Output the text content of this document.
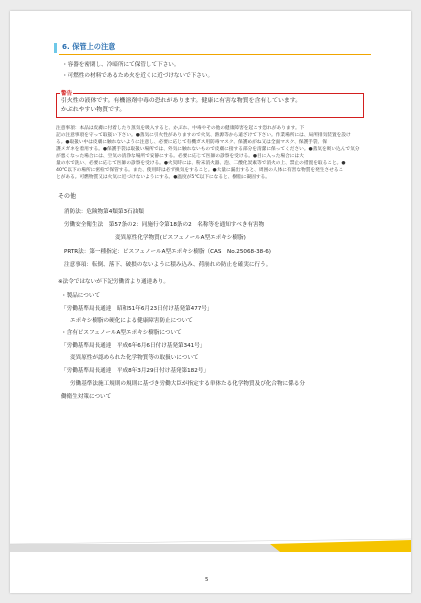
6. 保管上の注意
・容器を密閉し、冷暗所にて保管して下さい。
・可燃性の材料であるため火を近くに近づけないで下さい。
引火性の液体です。有機溶剤中毒の恐れがあります。健康に有害な物質を含有しています。
かぶれやすい物質です。
警告
注意事項：本品は皮膚に付着したり蒸気を吸入すると、かぶれ、中毒やその他の健康障害を起こす恐れがあります。下
記の注意事項を守って取扱い下さい。●蒸気に引火性がありますので火気、熱源等から遠ざけて下さい。作業場所には、局所排気装置を設け
る。●取扱い中は皮膚に触れないように注意し、必要に応じて有機ガス用防毒マスク、保護めがね又は全面マスク、保護手袋、保
護メガネを着用する。●保護手袋は取扱い場所では、外気に触れないもので皮膚に接する部分を清潔に保ってください。●蒸気を吸い込んで気分
が悪くなった場合には、空気の清浄な場所で安静にする。必要に応じて医師の診察を受ける。●目に入った場合には大
量の水で洗い、必要に応じて医師の診察を受ける。●火災時には、粉末消火器、泡、二酸化炭素等で消火の上、禁止の措置を取ること。●
40℃以下の場所に密栓で保管する。また、使用時は必ず換気をすること。●大量に漏出すると、周囲の人体に有害な物質を発生させるこ
とがある。可燃物質又は火気に近づけないようにする。●温度が5℃以下になると、樹脂に凝固する。
その他
消防法：危険物第4類第3石油類
労働安全衛生法　第57条の2：同施行令第18条の2　名称等を通知すべき有害物
変異原性化学物質(ビスフェノールA型エポキシ樹脂)
PRTR法：第一種指定：ビスフェノールA型エポキシ樹脂（CAS　No.25068-38-6)
注意事項：転倒、落下、破損のないように積み込み、荷崩れの防止を確実に行う。
※法令ではないが下記労働省より通達あり。
・製品について
「労働基準局長通達　昭和51年6月23日付け基発第477号」
エポキシ樹脂の硬化による健康障害防止について
・含有ビスフェノールA型エポキシ樹脂について
「労働基準局長通達　平成6年6月6日付け基発第341号」
変異原性が認められた化学物質等の取扱いについて
「労働基準局長通達　平成8年3月29日付け基発第182号」
労働基準法施工規則の規則に基づき労働大臣が指定する単体たる化学物質及び化合物に係る分
働衛生対策について
5
